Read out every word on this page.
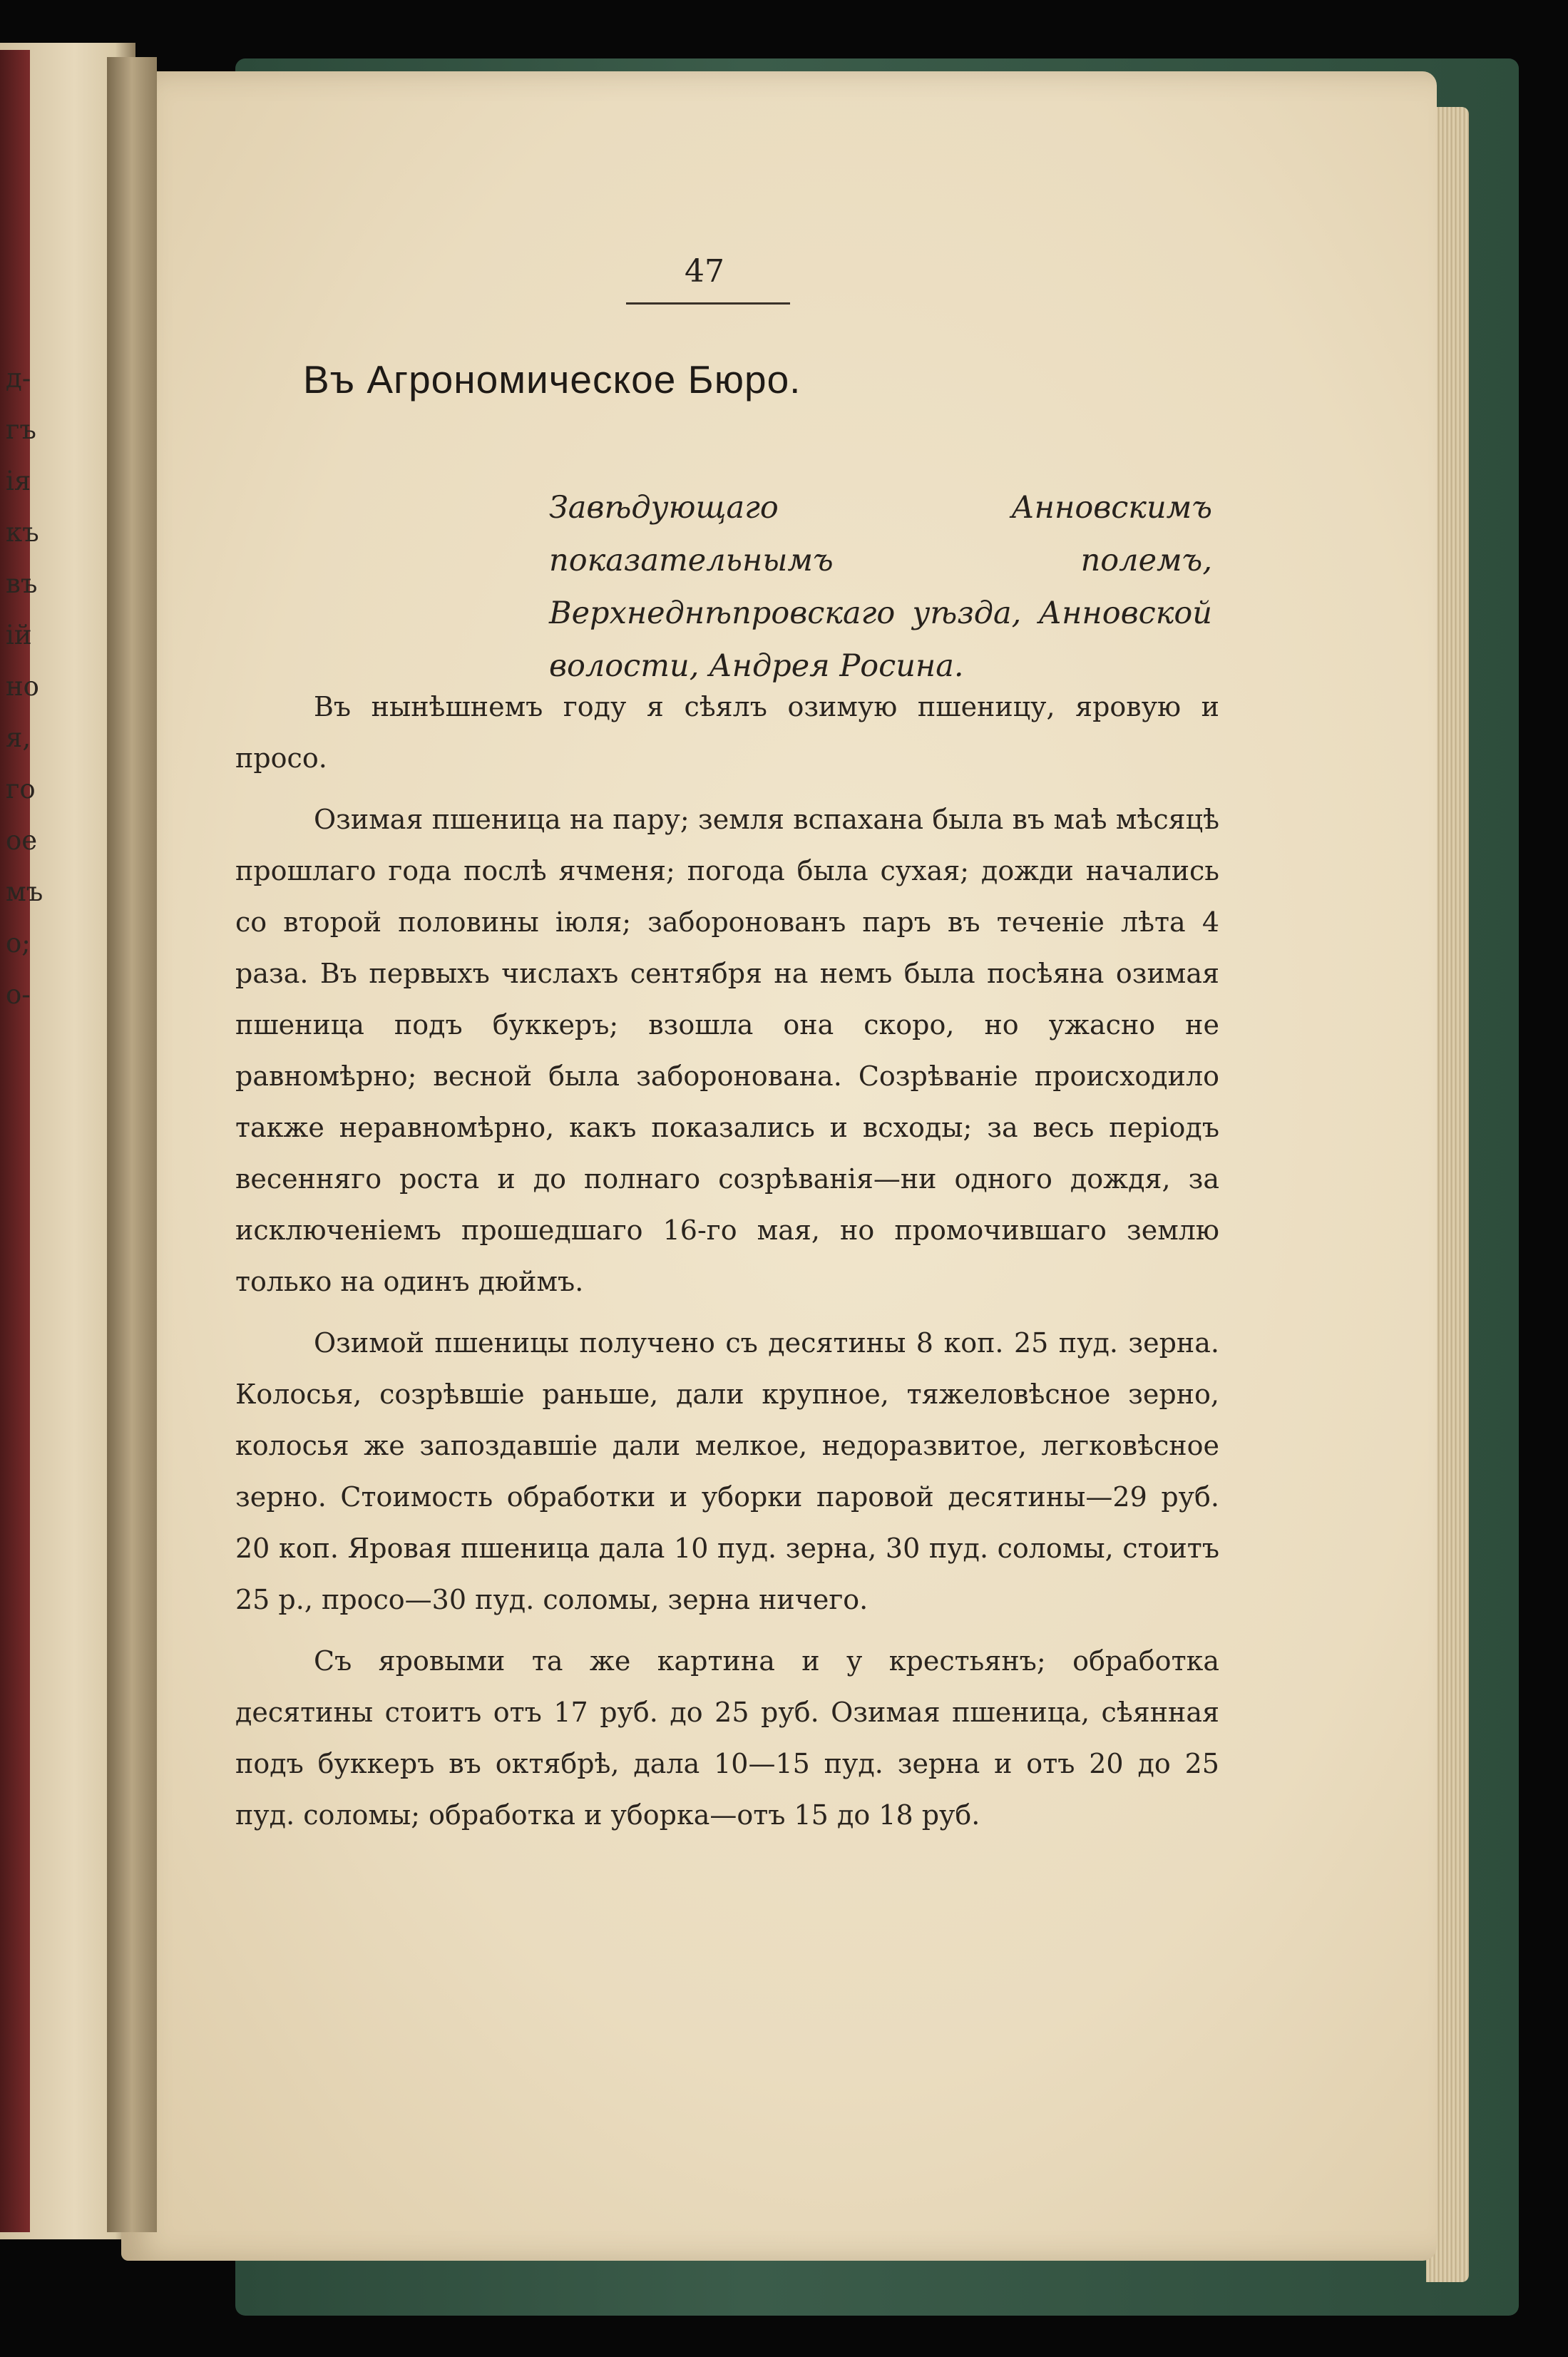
д-
гъ
ія
къ
въ
ій
но
я,
го
ое
мъ
о;
о-
47
Въ Агрономическое Бюро.

Завѣдующаго Анновскимъ показательнымъ полемъ, Верхнеднѣпровскаго уѣзда, Анновской волости, Андрея Росина.

Въ нынѣшнемъ году я сѣялъ озимую пшеницу, яровую и просо.

Озимая пшеница на пару; земля вспахана была въ маѣ мѣсяцѣ прошлаго года послѣ ячменя; погода была сухая; дожди начались со второй половины іюля; заборонованъ паръ въ теченіе лѣта 4 раза. Въ первыхъ числахъ сентября на немъ была посѣяна озимая пшеница подъ буккеръ; взошла она скоро, но ужасно не равномѣрно; весной была заборонована. Созрѣваніе происходило также неравномѣрно, какъ показались и всходы; за весь періодъ весенняго роста и до полнаго созрѣванія—ни одного дождя, за исключеніемъ прошедшаго 16-го мая, но промочившаго землю только на одинъ дюймъ.

Озимой пшеницы получено съ десятины 8 коп. 25 пуд. зерна. Колосья, созрѣвшіе раньше, дали крупное, тяжеловѣсное зерно, колосья же запоздавшіе дали мелкое, недоразвитое, легковѣсное зерно. Стоимость обработки и уборки паровой десятины—29 руб. 20 коп. Яровая пшеница дала 10 пуд. зерна, 30 пуд. соломы, стоитъ 25 р., просо—30 пуд. соломы, зерна ничего.

Съ яровыми та же картина и у крестьянъ; обработка десятины стоитъ отъ 17 руб. до 25 руб. Озимая пшеница, сѣянная подъ буккеръ въ октябрѣ, дала 10—15 пуд. зерна и отъ 20 до 25 пуд. соломы; обработка и уборка—отъ 15 до 18 руб.
